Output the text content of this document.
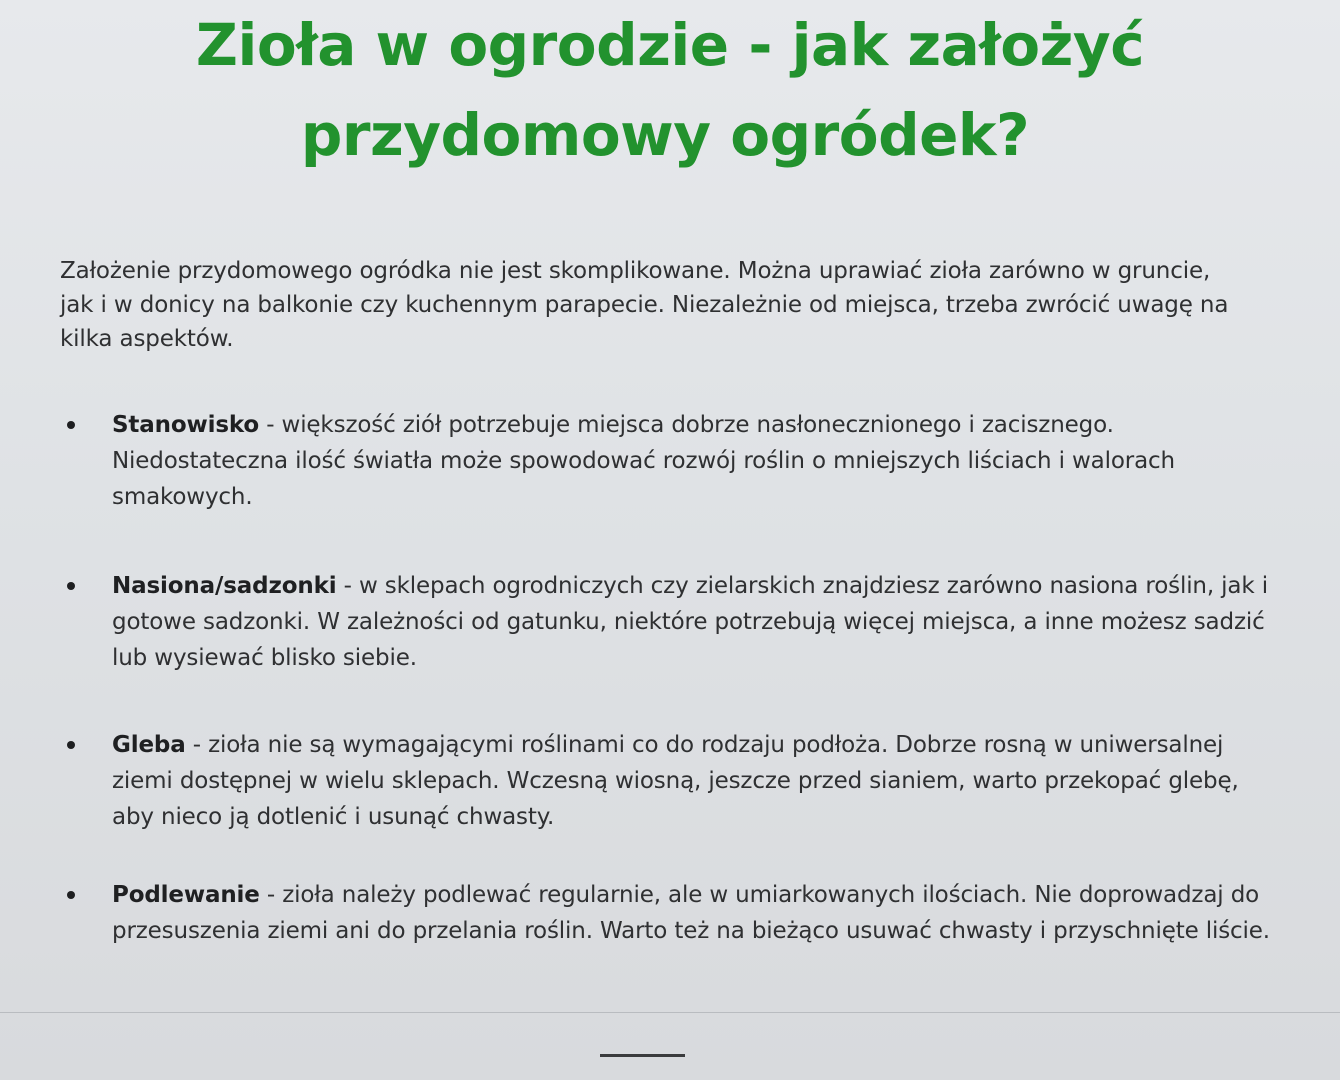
Zioła w ogrodzie - jak założyć
przydomowy ogródek?

Założenie przydomowego ogródka nie jest skomplikowane. Można uprawiać zioła zarówno w gruncie, jak i w donicy na balkonie czy kuchennym parapecie. Niezależnie od miejsca, trzeba zwrócić uwagę na kilka aspektów.

Stanowisko - większość ziół potrzebuje miejsca dobrze nasłonecznionego i zacisznego. Niedostateczna ilość światła może spowodować rozwój roślin o mniejszych liściach i walorach smakowych.
Nasiona/sadzonki - w sklepach ogrodniczych czy zielarskich znajdziesz zarówno nasiona roślin, jak i gotowe sadzonki. W zależności od gatunku, niektóre potrzebują więcej miejsca, a inne możesz sadzić lub wysiewać blisko siebie.
Gleba - zioła nie są wymagającymi roślinami co do rodzaju podłoża. Dobrze rosną w uniwersalnej ziemi dostępnej w wielu sklepach. Wczesną wiosną, jeszcze przed sianiem, warto przekopać glebę, aby nieco ją dotlenić i usunąć chwasty.
Podlewanie - zioła należy podlewać regularnie, ale w umiarkowanych ilościach. Nie doprowadzaj do przesuszenia ziemi ani do przelania roślin. Warto też na bieżąco usuwać chwasty i przyschnięte liście.
